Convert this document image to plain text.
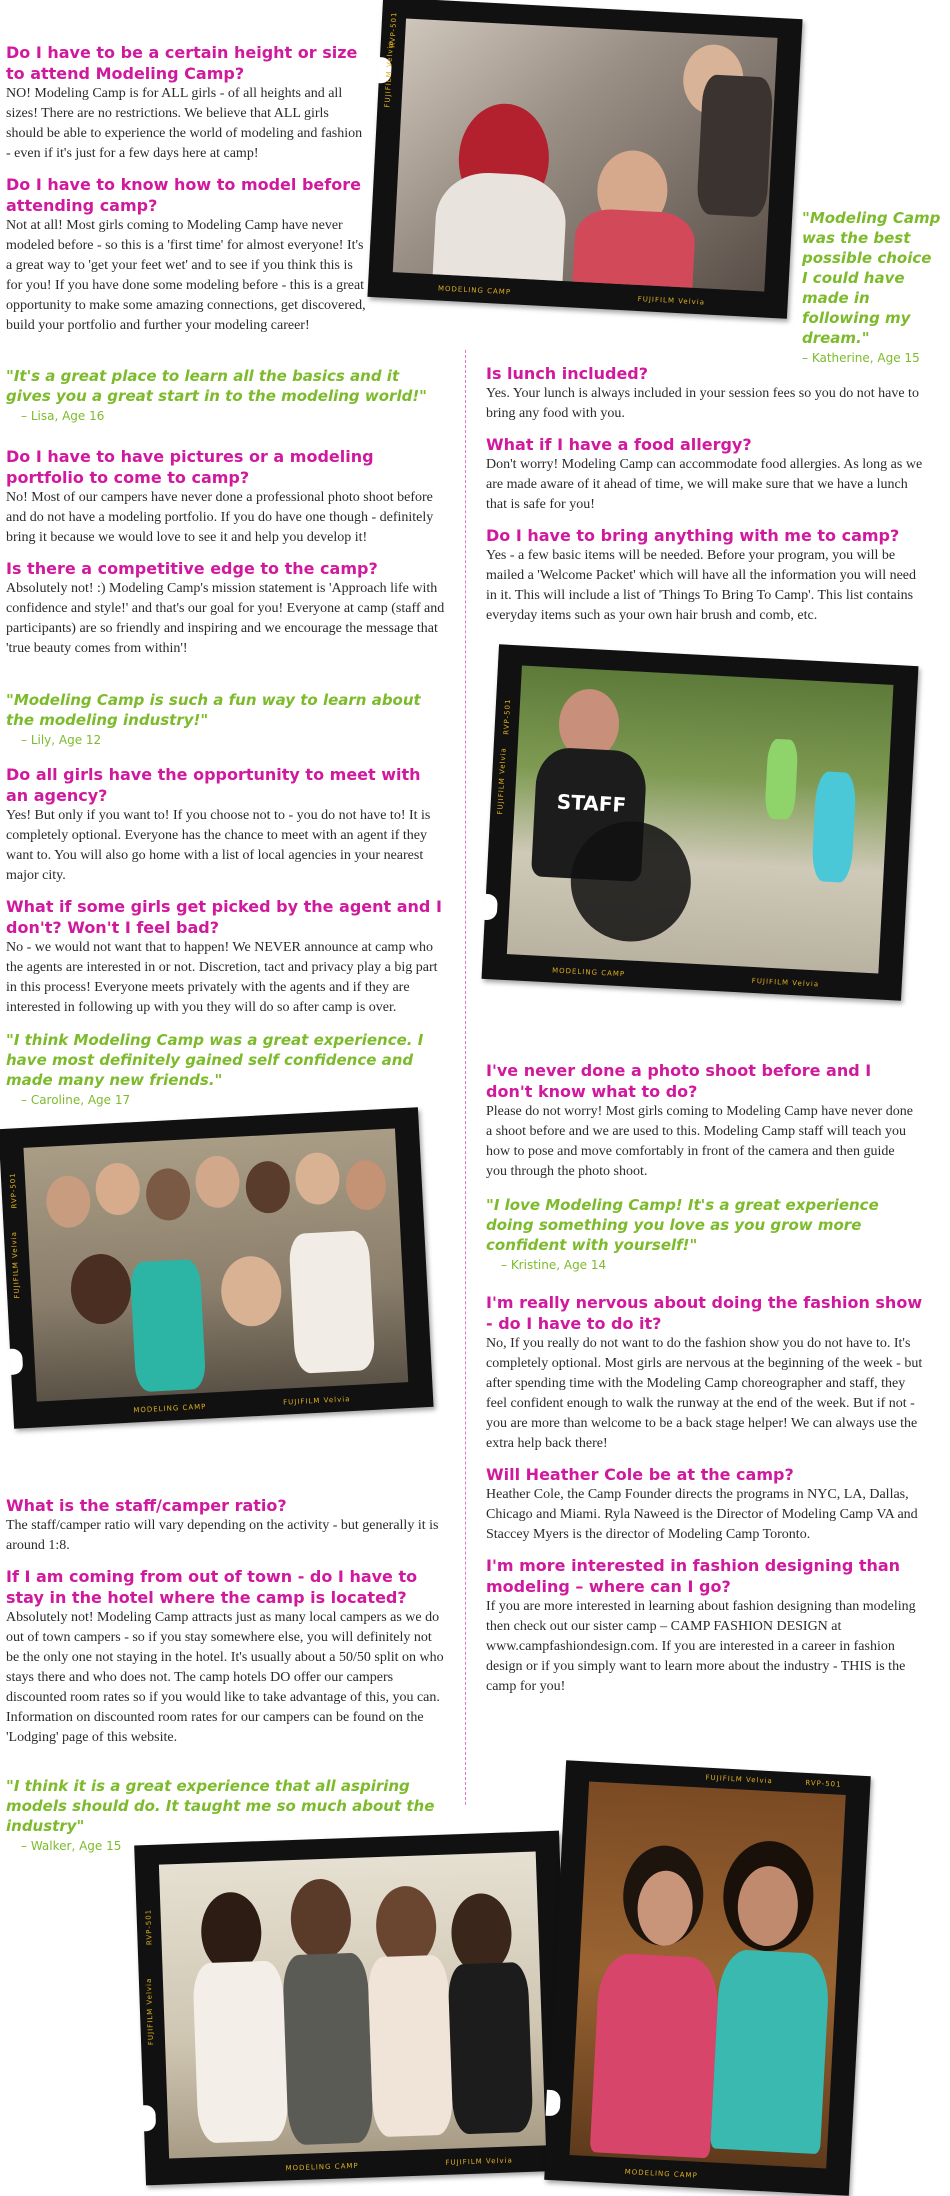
Do I have to be a certain height or size to attend Modeling Camp?

NO! Modeling Camp is for ALL girls - of all heights and all sizes! There are no restrictions. We believe that ALL girls should be able to experience the world of modeling and fashion - even if it's just for a few days here at camp!

Do I have to know how to model before attending camp?

Not at all! Most girls coming to Modeling Camp have never modeled before - so this is a 'first time' for almost everyone! It's a great way to 'get your feet wet' and to see if you think this is for you! If you have done some modeling before - this is a great opportunity to make some amazing connections, get discovered, build your portfolio and further your modeling career!

"It's a great place to learn all the basics and it gives you a great start in to the modeling world!"

– Lisa, Age 16

Do I have to have pictures or a modeling portfolio to come to camp?

No! Most of our campers have never done a professional photo shoot before and do not have a modeling portfolio. If you do have one though - definitely bring it because we would love to see it and help you develop it!

Is there a competitive edge to the camp?

Absolutely not! :) Modeling Camp's mission statement is 'Approach life with confidence and style!' and that's our goal for you! Everyone at camp (staff and participants) are so friendly and inspiring and we encourage the message that 'true beauty comes from within'!

"Modeling Camp is such a fun way to learn about the modeling industry!"

– Lily, Age 12

Do all girls have the opportunity to meet with an agency?

Yes! But only if you want to! If you choose not to - you do not have to! It is completely optional. Everyone has the chance to meet with an agent if they want to. You will also go home with a list of local agencies in your nearest major city.

What if some girls get picked by the agent and I don't? Won't I feel bad?

No - we would not want that to happen! We NEVER announce at camp who the agents are interested in or not. Discretion, tact and privacy play a big part in this process! Everyone meets privately with the agents and if they are interested in following up with you they will do so after camp is over.

"I think Modeling Camp was a great experience. I have most definitely gained self confidence and made many new friends."

– Caroline, Age 17

What is the staff/camper ratio?

The staff/camper ratio will vary depending on the activity - but generally it is around 1:8.

If I am coming from out of town - do I have to stay in the hotel where the camp is located?

Absolutely not! Modeling Camp attracts just as many local campers as we do out of town campers - so if you stay somewhere else, you will definitely not be the only one not staying in the hotel. It's usually about a 50/50 split on who stays there and who does not. The camp hotels DO offer our campers discounted room rates so if you would like to take advantage of this, you can. Information on discounted room rates for our campers can be found on the 'Lodging' page of this website.

"I think it is a great experience that all aspiring models should do. It taught me so much about the industry"

– Walker, Age 15

"Modeling Camp was the best possible choice I could have made in following my dream."

– Katherine, Age 15

Is lunch included?

Yes. Your lunch is always included in your session fees so you do not have to bring any food with you.

What if I have a food allergy?

Don't worry! Modeling Camp can accommodate food allergies. As long as we are made aware of it ahead of time, we will make sure that we have a lunch that is safe for you!

Do I have to bring anything with me to camp?

Yes - a few basic items will be needed. Before your program, you will be mailed a 'Welcome Packet' which will have all the information you will need in it. This will include a list of 'Things To Bring To Camp'. This list contains everyday items such as your own hair brush and comb, etc.

I've never done a photo shoot before and I don't know what to do?

Please do not worry! Most girls coming to Modeling Camp have never done a shoot before and we are used to this. Modeling Camp staff will teach you how to pose and move comfortably in front of the camera and then guide you through the photo shoot.

"I love Modeling Camp! It's a great experience doing something you love as you grow more confident with yourself!"

– Kristine, Age 14

I'm really nervous about doing the fashion show - do I have to do it?

No, If you really do not want to do the fashion show you do not have to. It's completely optional. Most girls are nervous at the beginning of the week - but after spending time with the Modeling Camp choreographer and staff, they feel confident enough to walk the runway at the end of the week. But if not - you are more than welcome to be a back stage helper! We can always use the extra help back there!

Will Heather Cole be at the camp?

Heather Cole, the Camp Founder directs the programs in NYC, LA, Dallas, Chicago and Miami. Ryla Naweed is the Director of Modeling Camp VA and Staccey Myers is the director of Modeling Camp Toronto.

I'm more interested in fashion designing than modeling – where can I go?

If you are more interested in learning about fashion designing than modeling then check out our sister camp – CAMP FASHION DESIGN at www.campfashiondesign.com. If you are interested in a career in fashion design or if you simply want to learn more about the industry - THIS is the camp for you!

FUJIFILM Velvia
RVP-501
MODELING CAMP
FUJIFILM Velvia
STAFF
FUJIFILM Velvia
RVP-501
MODELING CAMP
FUJIFILM Velvia
FUJIFILM Velvia
RVP-501
MODELING CAMP
FUJIFILM Velvia
FUJIFILM Velvia
RVP-501
MODELING CAMP
FUJIFILM Velvia
FUJIFILM Velvia	RVP-501
MODELING CAMP
